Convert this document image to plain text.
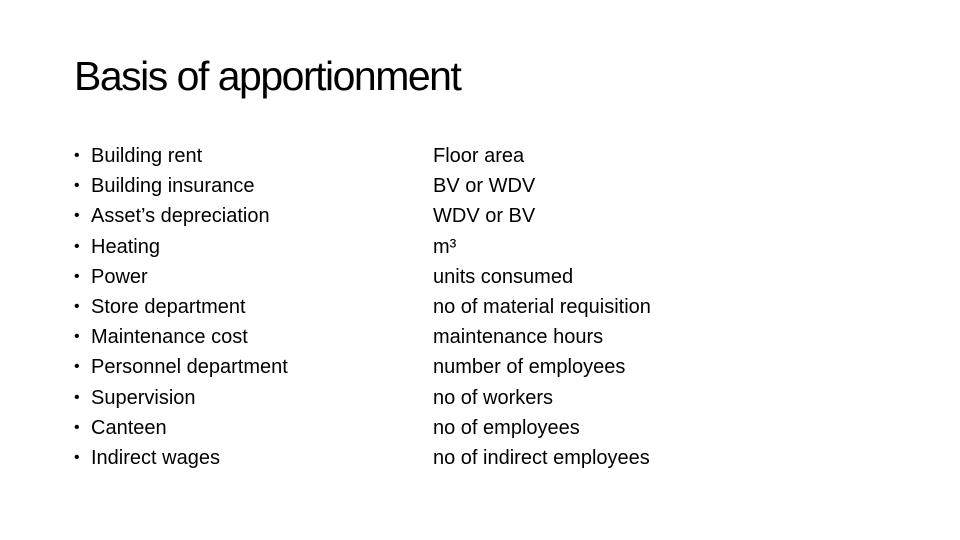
Basis of apportionment
• Building rent
• Building insurance
• Asset’s depreciation
• Heating
• Power
• Store department
• Maintenance cost
• Personnel department
• Supervision
• Canteen
• Indirect wages
Floor area
BV or WDV
WDV or BV
m³
units consumed
no of material requisition
maintenance hours
number of employees
no of workers
no of employees
no of indirect employees
